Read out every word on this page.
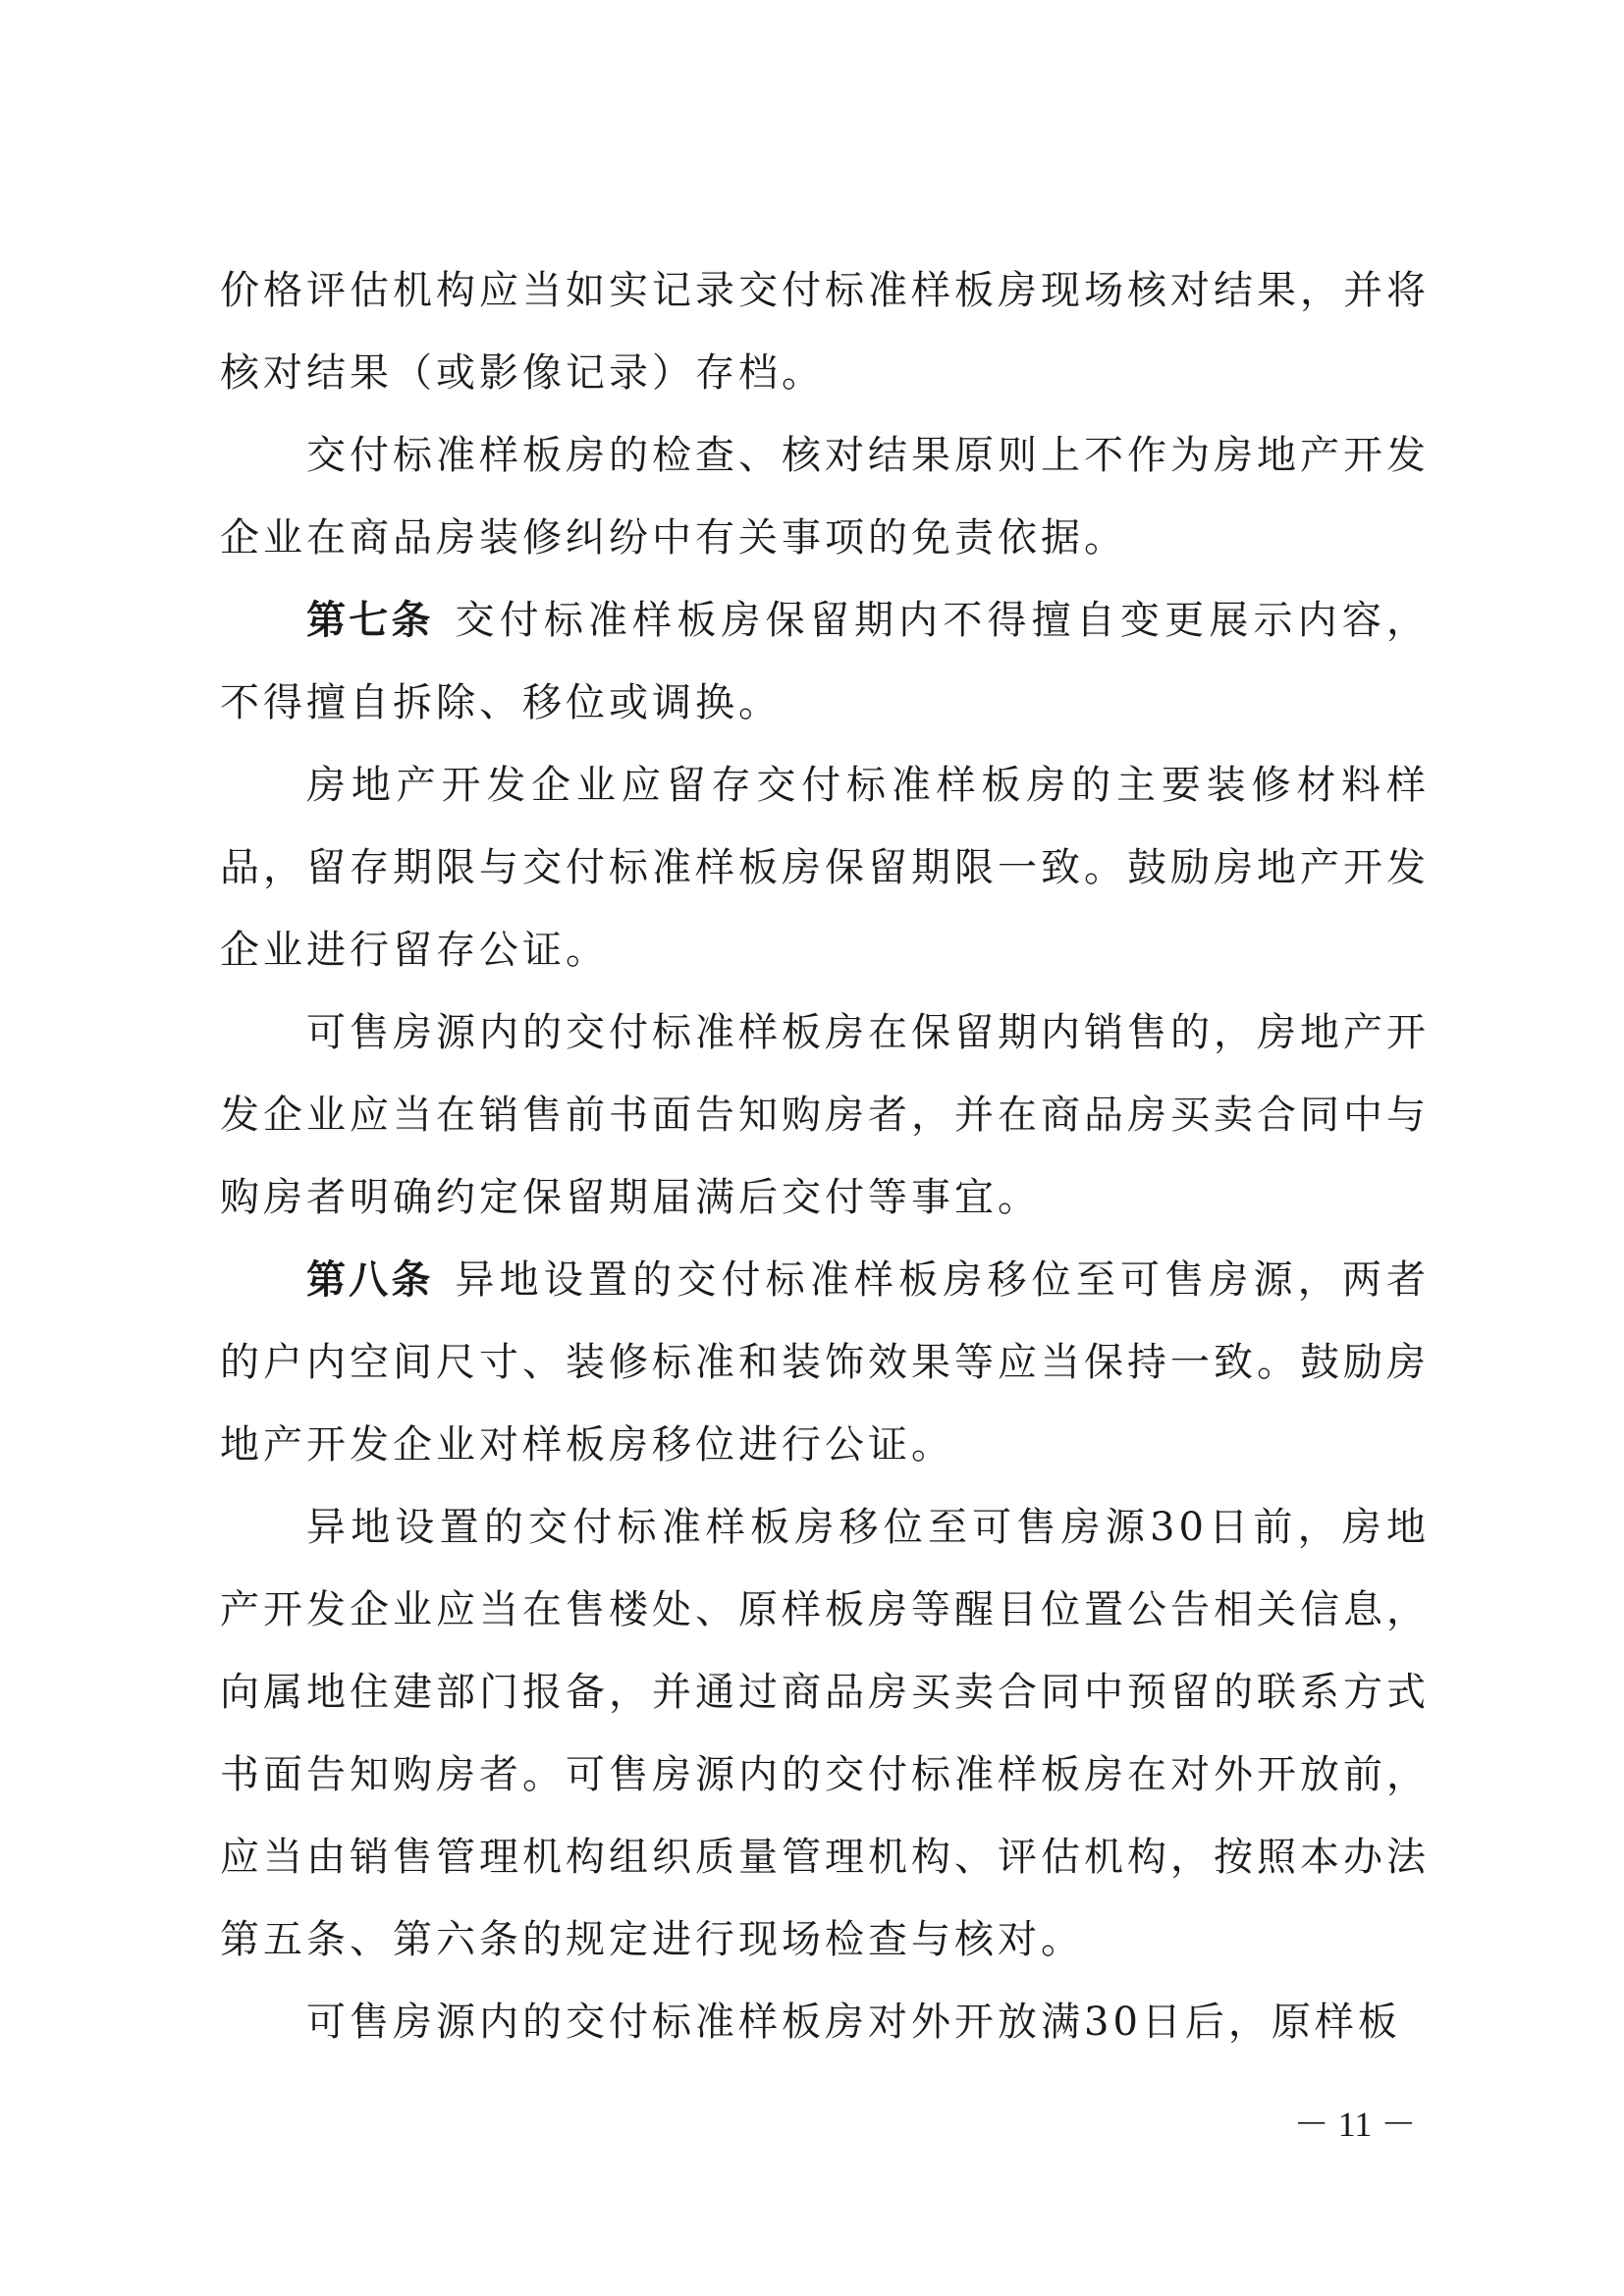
价格评估机构应当如实记录交付标准样板房现场核对结果，并将核对结果（或影像记录）存档。

交付标准样板房的检查、核对结果原则上不作为房地产开发企业在商品房装修纠纷中有关事项的免责依据。

第七条 交付标准样板房保留期内不得擅自变更展示内容，不得擅自拆除、移位或调换。

房地产开发企业应留存交付标准样板房的主要装修材料样品，留存期限与交付标准样板房保留期限一致。鼓励房地产开发企业进行留存公证。

可售房源内的交付标准样板房在保留期内销售的，房地产开发企业应当在销售前书面告知购房者，并在商品房买卖合同中与购房者明确约定保留期届满后交付等事宜。

第八条 异地设置的交付标准样板房移位至可售房源，两者的户内空间尺寸、装修标准和装饰效果等应当保持一致。鼓励房地产开发企业对样板房移位进行公证。

异地设置的交付标准样板房移位至可售房源30日前，房地产开发企业应当在售楼处、原样板房等醒目位置公告相关信息，向属地住建部门报备，并通过商品房买卖合同中预留的联系方式书面告知购房者。可售房源内的交付标准样板房在对外开放前，应当由销售管理机构组织质量管理机构、评估机构，按照本办法第五条、第六条的规定进行现场检查与核对。

可售房源内的交付标准样板房对外开放满30日后，原样板

－ 11 －
